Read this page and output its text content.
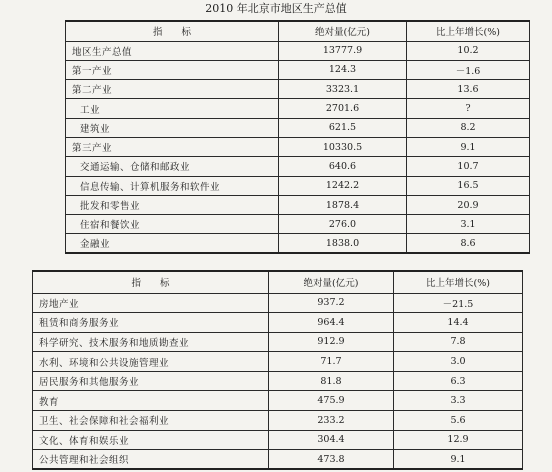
2010 年北京市地区生产总值
指　　标	绝对量(亿元)	比上年增长(%)
地区生产总值	13777.9	10.2
第一产业	124.3	－1.6
第二产业	3323.1	13.6
工业	2701.6	?
建筑业	621.5	8.2
第三产业	10330.5	9.1
交通运输、仓储和邮政业	640.6	10.7
信息传输、计算机服务和软件业	1242.2	16.5
批发和零售业	1878.4	20.9
住宿和餐饮业	276.0	3.1
金融业	1838.0	8.6
指　　标	绝对量(亿元)	比上年增长(%)
房地产业	937.2	－21.5
租赁和商务服务业	964.4	14.4
科学研究、技术服务和地质勘查业	912.9	7.8
水利、环境和公共设施管理业	71.7	3.0
居民服务和其他服务业	81.8	6.3
教育	475.9	3.3
卫生、社会保障和社会福利业	233.2	5.6
文化、体育和娱乐业	304.4	12.9
公共管理和社会组织	473.8	9.1
